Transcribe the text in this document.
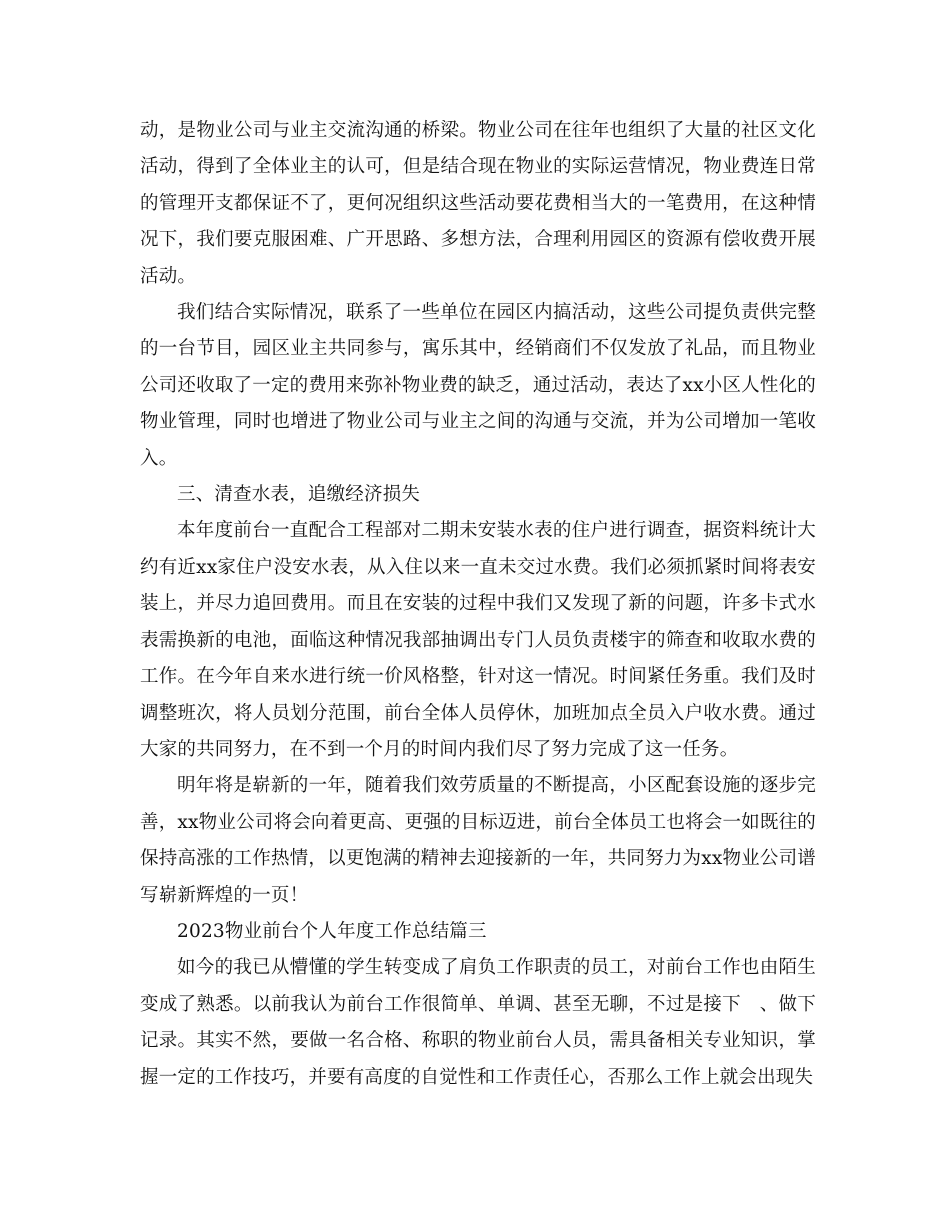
动，是物业公司与业主交流沟通的桥梁。物业公司在往年也组织了大量的社区文化活动，得到了全体业主的认可，但是结合现在物业的实际运营情况，物业费连日常的管理开支都保证不了，更何况组织这些活动要花费相当大的一笔费用，在这种情况下，我们要克服困难、广开思路、多想方法，合理利用园区的资源有偿收费开展活动。

我们结合实际情况，联系了一些单位在园区内搞活动，这些公司提负责供完整的一台节目，园区业主共同参与，寓乐其中，经销商们不仅发放了礼品，而且物业公司还收取了一定的费用来弥补物业费的缺乏，通过活动，表达了xx小区人性化的物业管理，同时也增进了物业公司与业主之间的沟通与交流，并为公司增加一笔收入。

三、清查水表，追缴经济损失

本年度前台一直配合工程部对二期未安装水表的住户进行调查，据资料统计大约有近xx家住户没安水表，从入住以来一直未交过水费。我们必须抓紧时间将表安装上，并尽力追回费用。而且在安装的过程中我们又发现了新的问题，许多卡式水表需换新的电池，面临这种情况我部抽调出专门人员负责楼宇的筛查和收取水费的工作。在今年自来水进行统一价风格整，针对这一情况。时间紧任务重。我们及时调整班次，将人员划分范围，前台全体人员停休，加班加点全员入户收水费。通过大家的共同努力，在不到一个月的时间内我们尽了努力完成了这一任务。

明年将是崭新的一年，随着我们效劳质量的不断提高，小区配套设施的逐步完善，xx物业公司将会向着更高、更强的目标迈进，前台全体员工也将会一如既往的保持高涨的工作热情，以更饱满的精神去迎接新的一年，共同努力为xx物业公司谱写崭新辉煌的一页！

2023物业前台个人年度工作总结篇三

如今的我已从懵懂的学生转变成了肩负工作职责的员工，对前台工作也由陌生变成了熟悉。以前我认为前台工作很简单、单调、甚至无聊，不过是接下　、做下记录。其实不然，要做一名合格、称职的物业前台人员，需具备相关专业知识，掌握一定的工作技巧，并要有高度的自觉性和工作责任心，否那么工作上就会出现失
